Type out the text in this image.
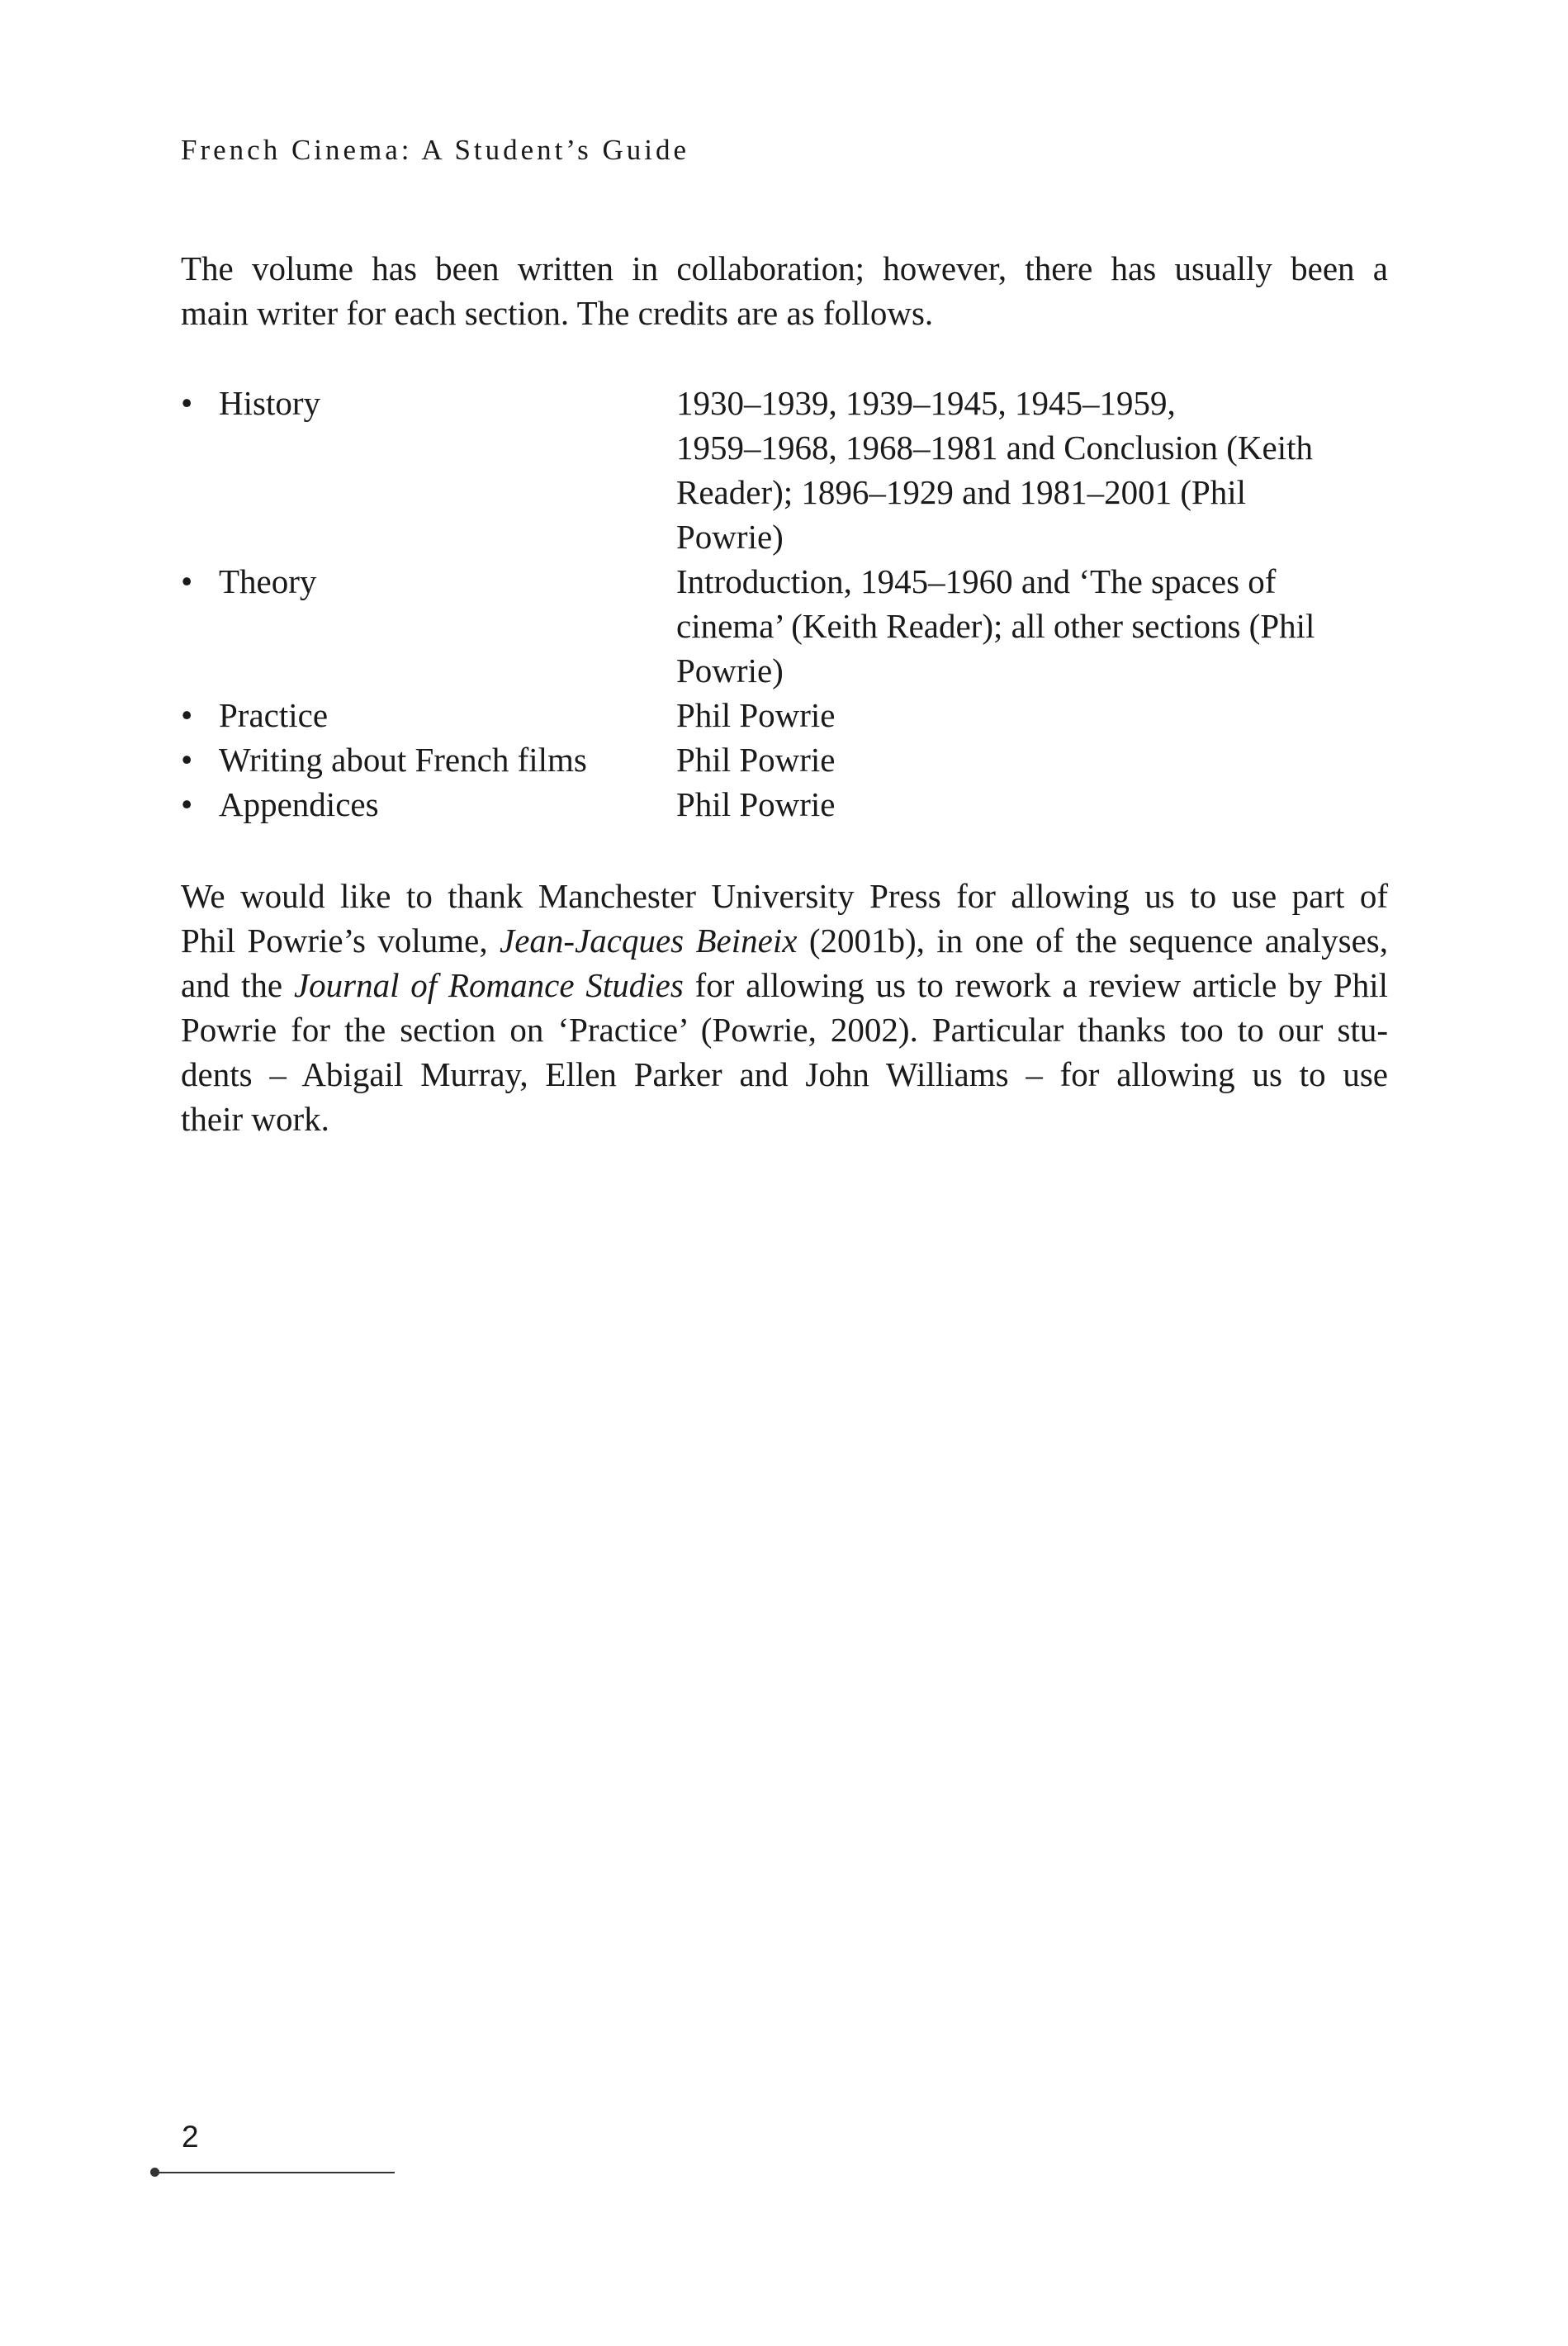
French Cinema: A Student’s Guide
The volume has been written in collaboration; however, there has usually been a
main writer for each section. The credits are as follows.
• History	1930–1939, 1939–1945, 1945–1959,
1959–1968, 1968–1981 and Conclusion (Keith
Reader); 1896–1929 and 1981–2001 (Phil
Powrie)
• Theory	Introduction, 1945–1960 and ‘The spaces of
cinema’ (Keith Reader); all other sections (Phil
Powrie)
• Practice	Phil Powrie
• Writing about French films	Phil Powrie
• Appendices	Phil Powrie
We would like to thank Manchester University Press for allowing us to use part of
Phil Powrie’s volume, Jean-Jacques Beineix (2001b), in one of the sequence analyses,
and the Journal of Romance Studies for allowing us to rework a review article by Phil
Powrie for the section on ‘Practice’ (Powrie, 2002). Particular thanks too to our stu-
dents – Abigail Murray, Ellen Parker and John Williams – for allowing us to use
their work.
2
